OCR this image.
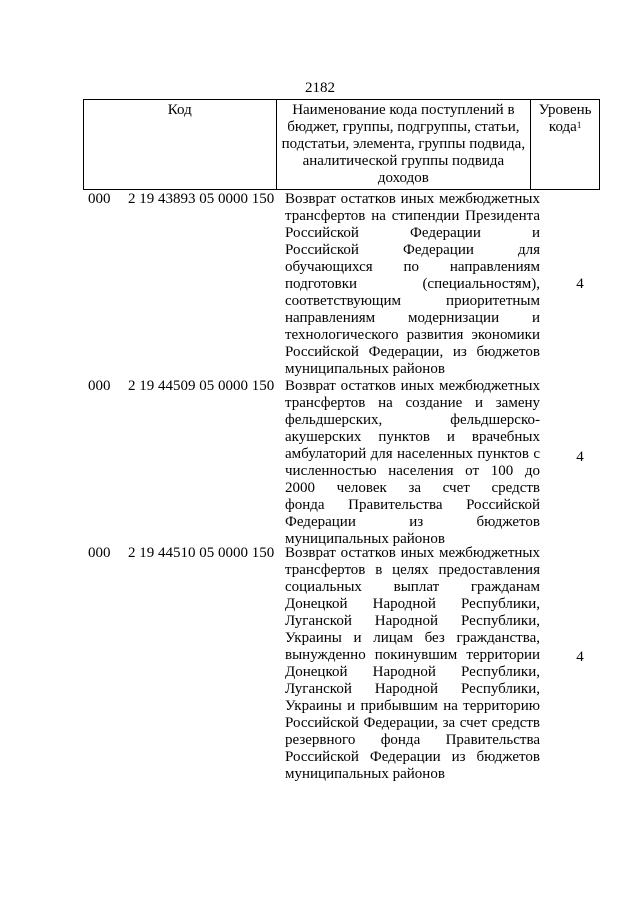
2182
Код	Наименование кода поступлений в бюджет, группы, подгруппы, статьи, подстатьи, элемента, группы подвида, аналитической группы подвида доходов	Уровень кода$^1$
000	2 19 43893 05 0000 150 Возврат остатков иных межбюджетных
трансфертов на стипендии Президента
Российской Федерации и
Российской Федерации для
обучающихся по направлениям
подготовки (специальностям),
соответствующим приоритетным
направлениям модернизации и
технологического развития экономики
Российской Федерации, из бюджетов
муниципальных районов
4
000	2 19 44509 05 0000 150 Возврат остатков иных межбюджетных
трансфертов на создание и замену
фельдшерских, фельдшерско-
акушерских пунктов и врачебных
амбулаторий для населенных пунктов с
численностью населения от 100 до
2000 человек за счет средств
фонда Правительства Российской
Федерации из бюджетов
муниципальных районов
4
000	2 19 44510 05 0000 150 Возврат остатков иных межбюджетных
трансфертов в целях предоставления
социальных выплат гражданам
Донецкой Народной Республики,
Луганской Народной Республики,
Украины и лицам без гражданства,
вынужденно покинувшим территории
Донецкой Народной Республики,
Луганской Народной Республики,
Украины и прибывшим на территорию
Российской Федерации, за счет средств
резервного фонда Правительства
Российской Федерации из бюджетов
муниципальных районов
4
